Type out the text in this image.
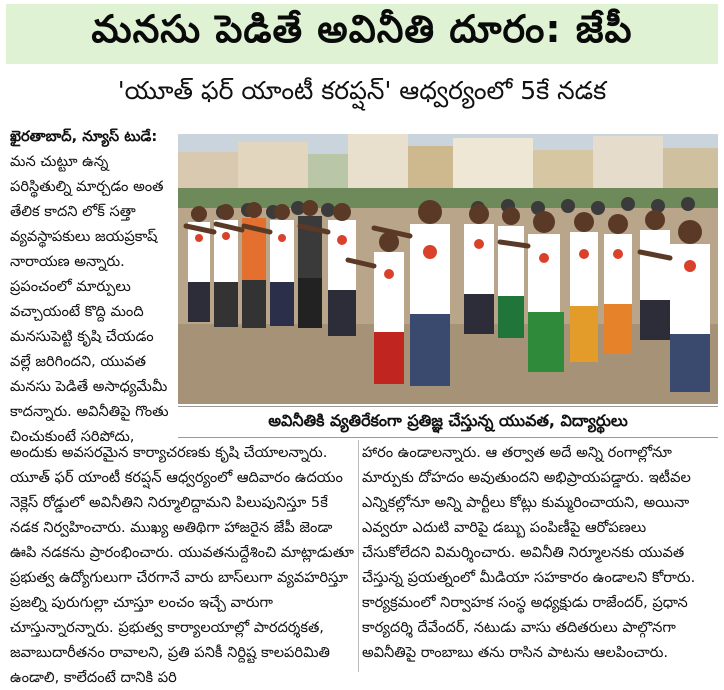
మనసు పెడితే అవినీతి దూరం: జేపీ
'యూత్ ఫర్ యాంటీ కరప్షన్' ఆధ్వర్యంలో 5కే నడక

ఖైరతాబాద్, న్యూస్ టుడే: మన చుట్టూ ఉన్న పరిస్థితుల్ని మార్చడం అంత తేలిక కాదని లోక్ సత్తా వ్యవస్థాపకులు జయప్రకాష్ నారాయణ అన్నారు. ప్రపంచంలో మార్పులు వచ్చాయంటే కొద్ది మంది మనసుపెట్టి కృషి చేయడం వల్లే జరిగిందని, యువత మనసు పెడితే అసాధ్యమేమీ కాదన్నారు. అవినీతిపై గొంతు చించుకుంటే సరిపోదు,

అవినీతికి వ్యతిరేకంగా ప్రతిజ్ఞ చేస్తున్న యువత, విద్యార్థులు

అందుకు అవసరమైన కార్యాచరణకు కృషి చేయాలన్నారు. యూత్ ఫర్ యాంటీ కరప్షన్ ఆధ్వర్యంలో ఆదివారం ఉదయం నెక్లెస్ రోడ్డులో అవినీతిని నిర్మూలిద్దామని పిలుపునిస్తూ 5కే నడక నిర్వహించారు. ముఖ్య అతిథిగా హాజరైన జేపీ జెండా ఊపి నడకను ప్రారంభించారు. యువతనుద్దేశించి మాట్లాడుతూ ప్రభుత్వ ఉద్యోగులుగా చేరగానే వారు బాస్‌లుగా వ్యవహరిస్తూ ప్రజల్ని పురుగుల్లా చూస్తూ లంచం ఇచ్చే వారుగా చూస్తున్నారన్నారు. ప్రభుత్వ కార్యాలయాల్లో పారదర్శకత, జవాబుదారీతనం రావాలని, ప్రతి పనికీ నిర్దిష్ట కాలపరిమితి ఉండాలి, కాలేదంటే దానికి పరి

హారం ఉండాలన్నారు. ఆ తర్వాత అదే అన్ని రంగాల్లోనూ మార్పుకు దోహదం అవుతుందని అభిప్రాయపడ్డారు. ఇటీవల ఎన్నికల్లోనూ అన్ని పార్టీలు కోట్లు కుమ్మరించాయని, అయినా ఎవ్వరూ ఎదుటి వారిపై డబ్బు పంపిణీపై ఆరోపణలు చేసుకోలేదని విమర్శించారు. అవినీతి నిర్మూలనకు యువత చేస్తున్న ప్రయత్నంలో మీడియా సహకారం ఉండాలని కోరారు. కార్యక్రమంలో నిర్వాహక సంస్థ అధ్యక్షుడు రాజేందర్, ప్రధాన కార్యదర్శి దేవేందర్, నటుడు వాసు తదితరులు పాల్గొనగా అవినీతిపై రాంబాబు తను రాసిన పాటను ఆలపించారు.
